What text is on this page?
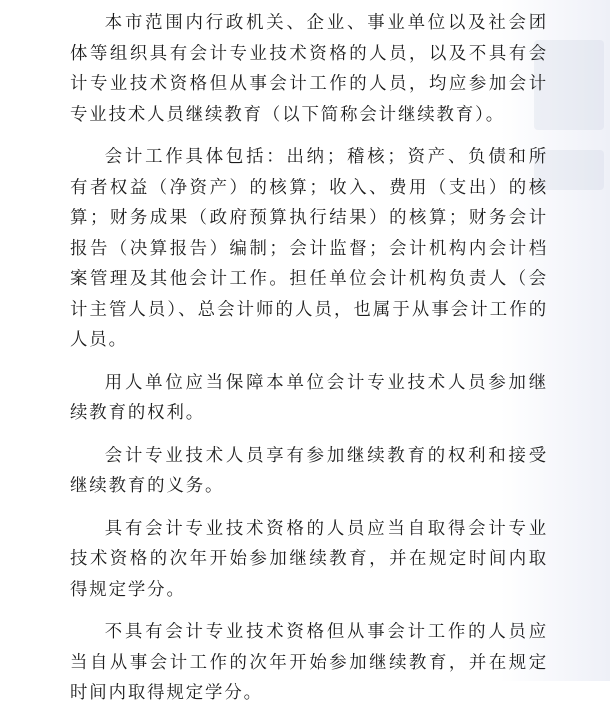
本市范围内行政机关、企业、事业单位以及社会团体等组织具有会计专业技术资格的人员，以及不具有会计专业技术资格但从事会计工作的人员，均应参加会计专业技术人员继续教育（以下简称会计继续教育）。

会计工作具体包括：出纳；稽核；资产、负债和所有者权益（净资产）的核算；收入、费用（支出）的核算；财务成果（政府预算执行结果）的核算；财务会计报告（决算报告）编制；会计监督；会计机构内会计档案管理及其他会计工作。担任单位会计机构负责人（会计主管人员）、总会计师的人员，也属于从事会计工作的人员。

用人单位应当保障本单位会计专业技术人员参加继续教育的权利。

会计专业技术人员享有参加继续教育的权利和接受继续教育的义务。

具有会计专业技术资格的人员应当自取得会计专业技术资格的次年开始参加继续教育，并在规定时间内取得规定学分。

不具有会计专业技术资格但从事会计工作的人员应当自从事会计工作的次年开始参加继续教育，并在规定时间内取得规定学分。
